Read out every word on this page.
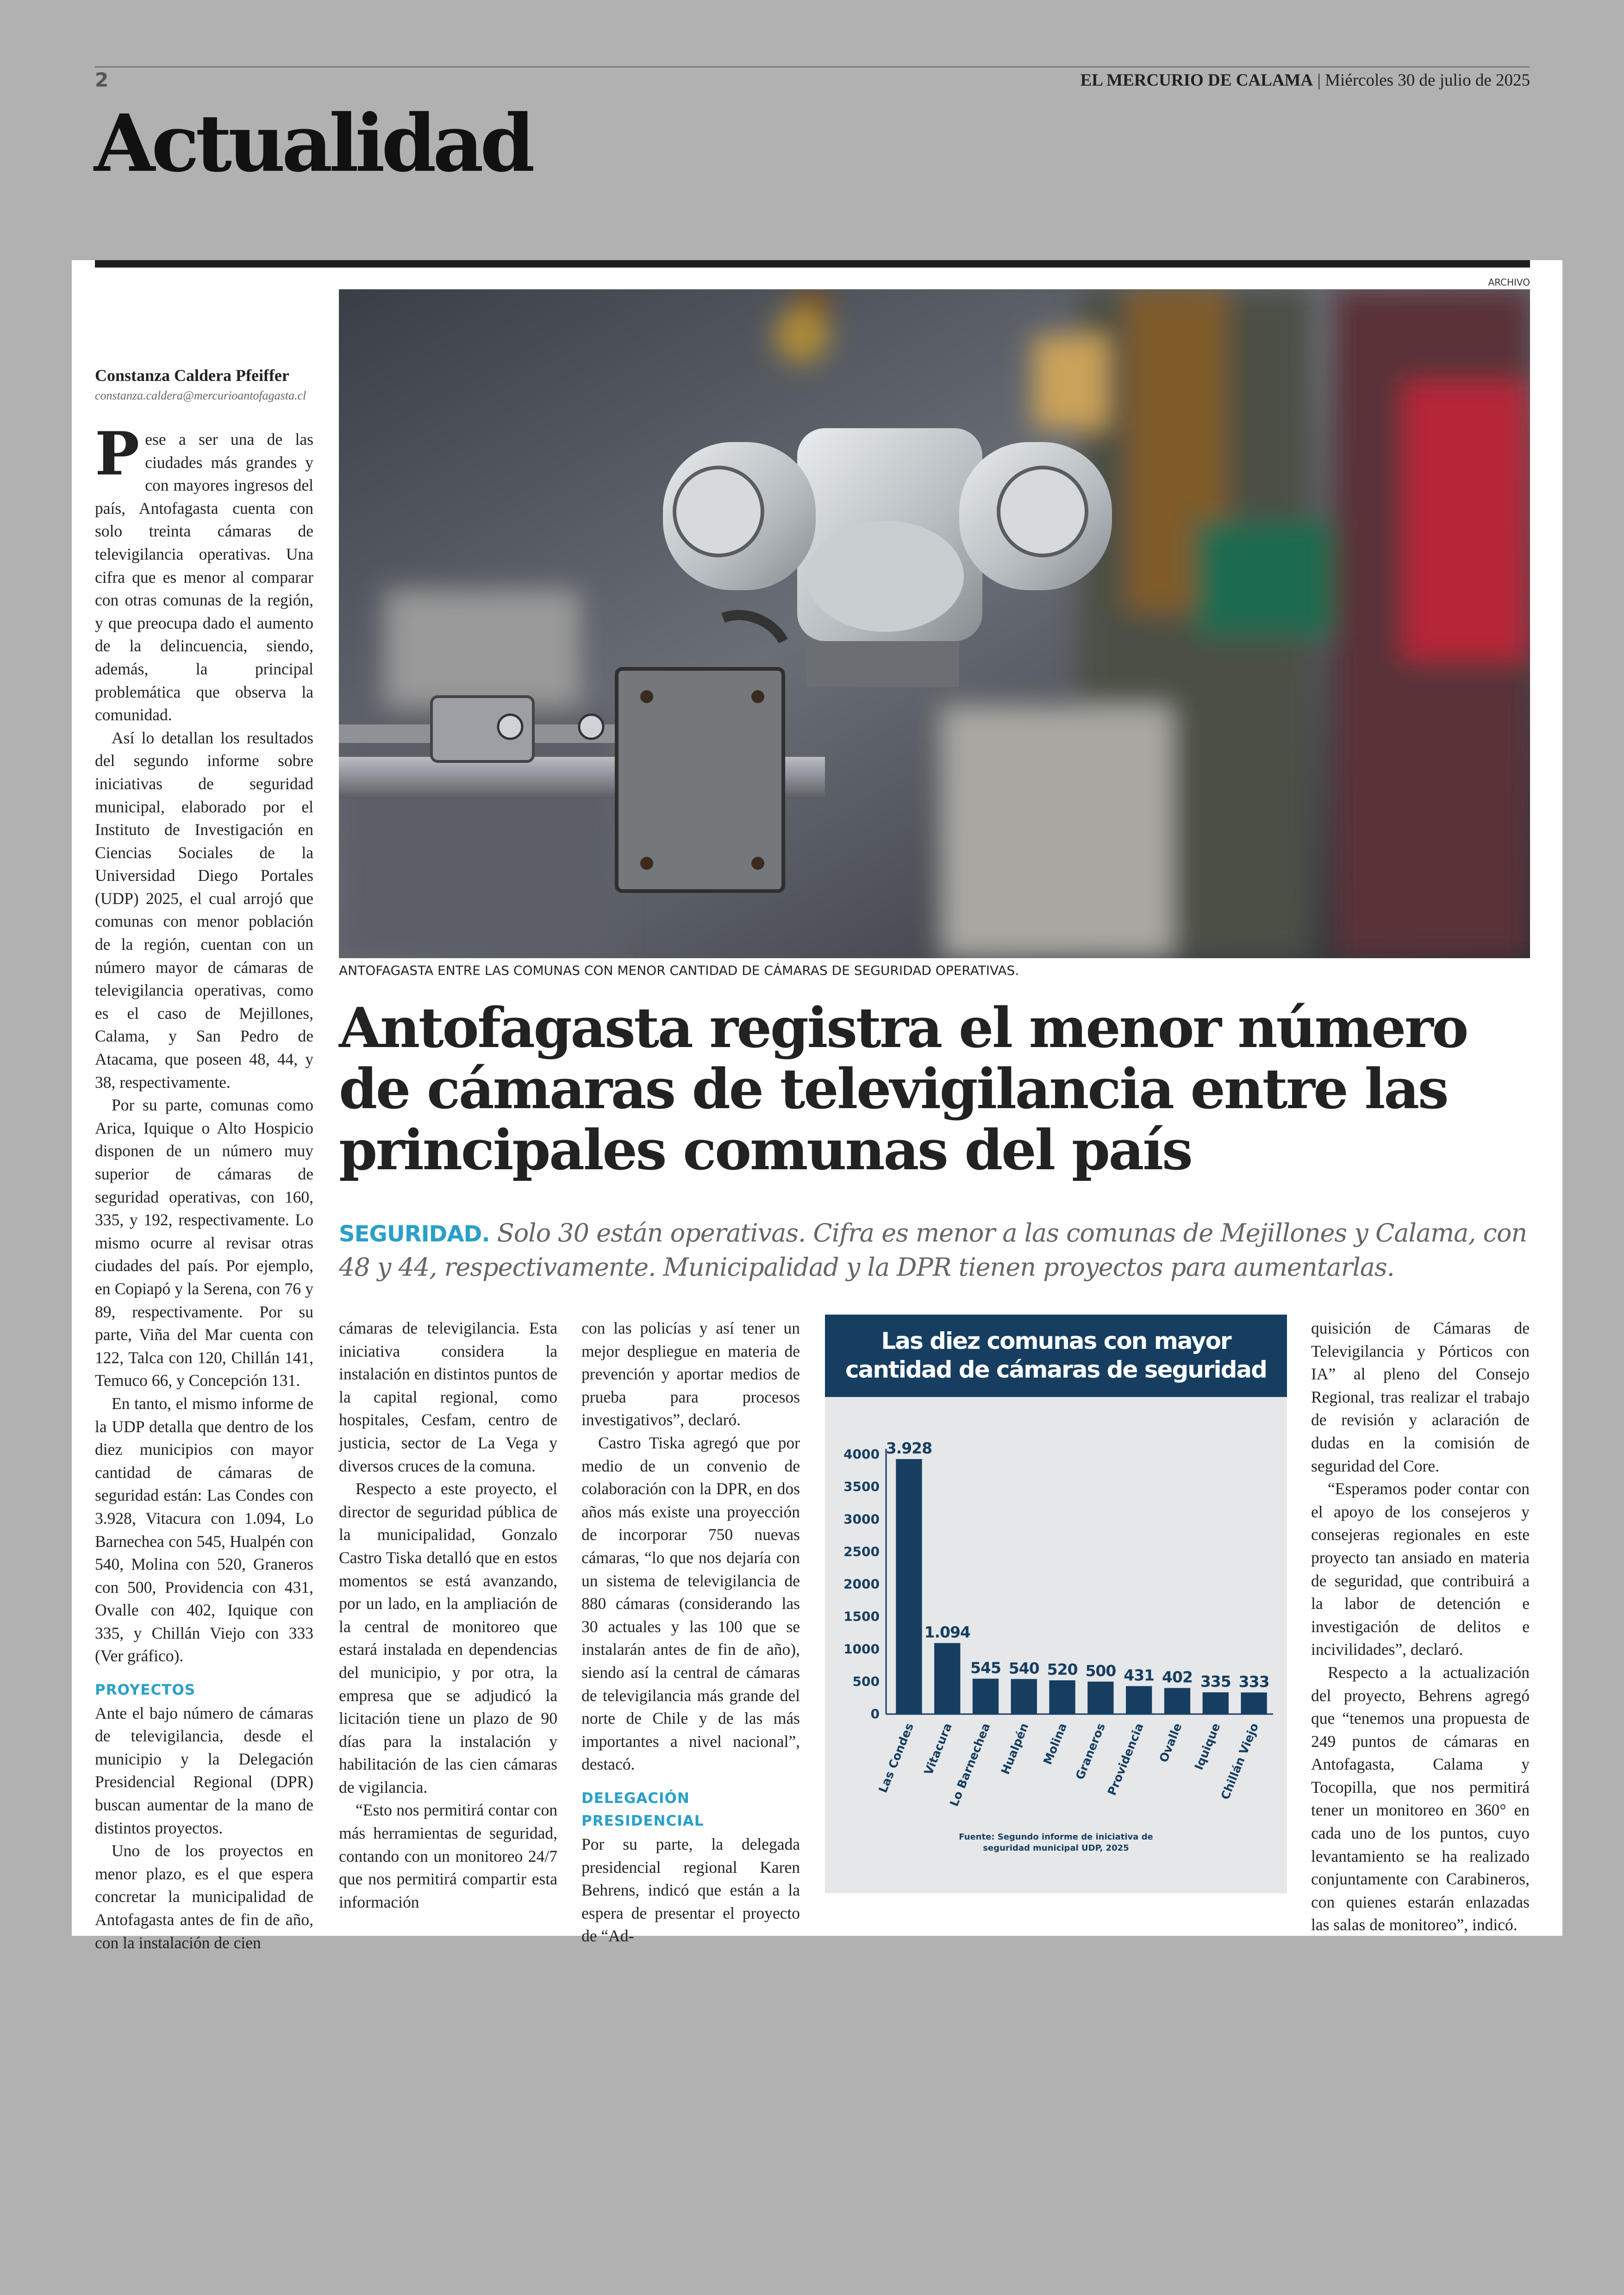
2	EL MERCURIO DE CALAMA | Miércoles 30 de julio de 2025
Actualidad
ARCHIVO
ANTOFAGASTA ENTRE LAS COMUNAS CON MENOR CANTIDAD DE CÁMARAS DE SEGURIDAD OPERATIVAS.
Constanza Caldera Pfeiffer
constanza.caldera@mercurioantofagasta.cl

Pese a ser una de las ciudades más grandes y con mayores ingresos del país, Antofagasta cuenta con solo treinta cámaras de televigilancia operativas. Una cifra que es menor al comparar con otras comunas de la región, y que preocupa dado el aumento de la delincuencia, siendo, además, la principal problemática que observa la comunidad.

Así lo detallan los resultados del segundo informe sobre iniciativas de seguridad municipal, elaborado por el Instituto de Investigación en Ciencias Sociales de la Universidad Diego Portales (UDP) 2025, el cual arrojó que comunas con menor población de la región, cuentan con un número mayor de cámaras de televigilancia operativas, como es el caso de Mejillones, Calama, y San Pedro de Atacama, que poseen 48, 44, y 38, respectivamente.

Por su parte, comunas como Arica, Iquique o Alto Hospicio disponen de un número muy superior de cámaras de seguridad operativas, con 160, 335, y 192, respectivamente. Lo mismo ocurre al revisar otras ciudades del país. Por ejemplo, en Copiapó y la Serena, con 76 y 89, respectivamente. Por su parte, Viña del Mar cuenta con 122, Talca con 120, Chillán 141, Temuco 66, y Concepción 131.

En tanto, el mismo informe de la UDP detalla que dentro de los diez municipios con mayor cantidad de cámaras de seguridad están: Las Condes con 3.928, Vitacura con 1.094, Lo Barnechea con 545, Hualpén con 540, Molina con 520, Graneros con 500, Providencia con 431, Ovalle con 402, Iquique con 335, y Chillán Viejo con 333 (Ver gráfico).

PROYECTOS

Ante el bajo número de cámaras de televigilancia, desde el municipio y la Delegación Presidencial Regional (DPR) buscan aumentar de la mano de distintos proyectos.

Uno de los proyectos en menor plazo, es el que espera concretar la municipalidad de Antofagasta antes de fin de año, con la instalación de cien

Antofagasta registra el menor número de cámaras de televigilancia entre las principales comunas del país
SEGURIDAD. Solo 30 están operativas. Cifra es menor a las comunas de Mejillones y Calama, con 48 y 44, respectivamente. Municipalidad y la DPR tienen proyectos para aumentarlas.

cámaras de televigilancia. Esta iniciativa considera la instalación en distintos puntos de la capital regional, como hospitales, Cesfam, centro de justicia, sector de La Vega y diversos cruces de la comuna.

Respecto a este proyecto, el director de seguridad pública de la municipalidad, Gonzalo Castro Tiska detalló que en estos momentos se está avanzando, por un lado, en la ampliación de la central de monitoreo que estará instalada en dependencias del municipio, y por otra, la empresa que se adjudicó la licitación tiene un plazo de 90 días para la instalación y habilitación de las cien cámaras de vigilancia.

“Esto nos permitirá contar con más herramientas de seguridad, contando con un monitoreo 24/7 que nos permitirá compartir esta información

con las policías y así tener un mejor despliegue en materia de prevención y aportar medios de prueba para procesos investigativos”, declaró.

Castro Tiska agregó que por medio de un convenio de colaboración con la DPR, en dos años más existe una proyección de incorporar 750 nuevas cámaras, “lo que nos dejaría con un sistema de televigilancia de 880 cámaras (considerando las 30 actuales y las 100 que se instalarán antes de fin de año), siendo así la central de cámaras de televigilancia más grande del norte de Chile y de las más importantes a nivel nacional”, destacó.

DELEGACIÓN PRESIDENCIAL

Por su parte, la delegada presidencial regional Karen Behrens, indicó que están a la espera de presentar el proyecto de “Ad-

Las diez comunas con mayor
cantidad de cámaras de seguridad
0
500
1000
1500
2000
2500
3000
3500
4000 3.928
Las Condes
1.094
Vitacura
545
Lo Barnechea
540
Hualpén
520
Molina
500
Graneros
431
Providencia
402
Ovalle
335
Iquique
333
Chillán Viejo
Fuente: Segundo informe de iniciativa de
seguridad municipal UDP, 2025

quisición de Cámaras de Televigilancia y Pórticos con IA” al pleno del Consejo Regional, tras realizar el trabajo de revisión y aclaración de dudas en la comisión de seguridad del Core.

“Esperamos poder contar con el apoyo de los consejeros y consejeras regionales en este proyecto tan ansiado en materia de seguridad, que contribuirá a la labor de detención e investigación de delitos e incivilidades”, declaró.

Respecto a la actualización del proyecto, Behrens agregó que “tenemos una propuesta de 249 puntos de cámaras en Antofagasta, Calama y Tocopilla, que nos permitirá tener un monitoreo en 360° en cada uno de los puntos, cuyo levantamiento se ha realizado conjuntamente con Carabineros, con quienes estarán enlazadas las salas de monitoreo”, indicó.
